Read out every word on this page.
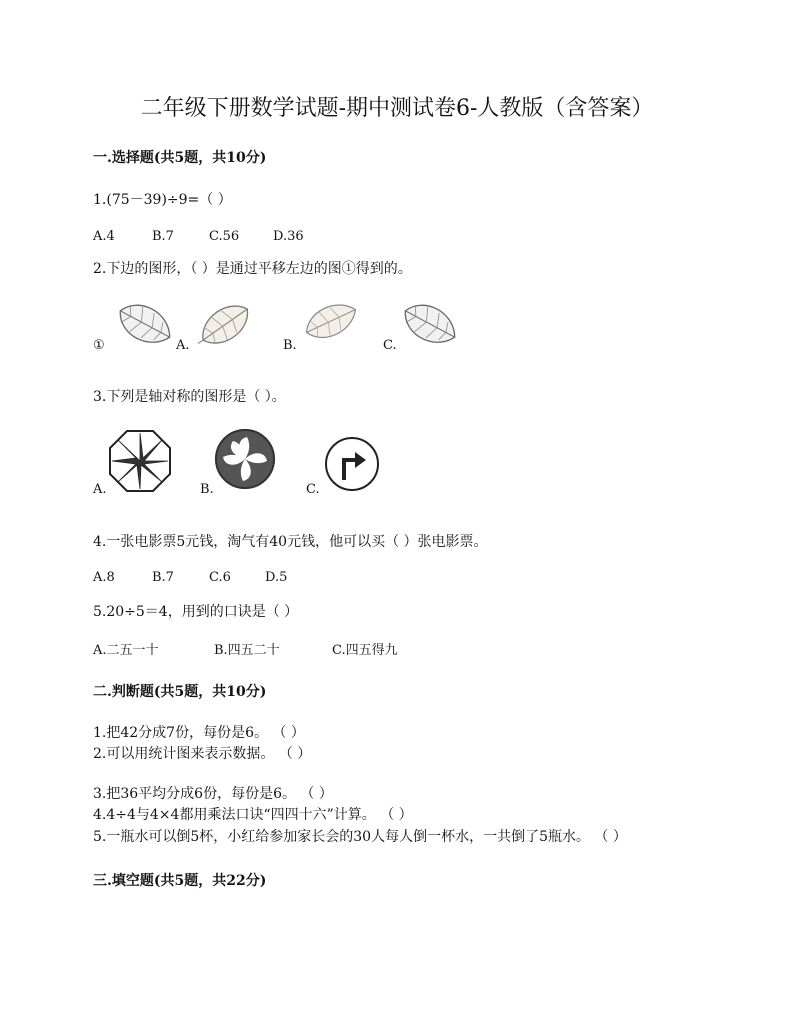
二年级下册数学试题-期中测试卷6-人教版（含答案）
一.选择题(共5题，共10分)
1.(75－39)÷9=（ ）
A.4	B.7	C.56	D.36
2.下边的图形，（ ）是通过平移左边的图①得到的。
①	A.	B.	C.
3.下列是轴对称的图形是（ ）。
A.	B.	C.
4.一张电影票5元钱，淘气有40元钱，他可以买（ ）张电影票。
A.8	B.7	C.6	D.5
5.20÷5＝4，用到的口诀是（ ）
A.二五一十	B.四五二十	C.四五得九
二.判断题(共5题，共10分)
1.把42分成7份，每份是6。 （ ）
2.可以用统计图来表示数据。 （ ）
3.把36平均分成6份，每份是6。 （ ）
4.4÷4与4×4都用乘法口诀“四四十六”计算。 （ ）
5.一瓶水可以倒5杯，小红给参加家长会的30人每人倒一杯水，一共倒了5瓶水。 （ ）
三.填空题(共5题，共22分)
